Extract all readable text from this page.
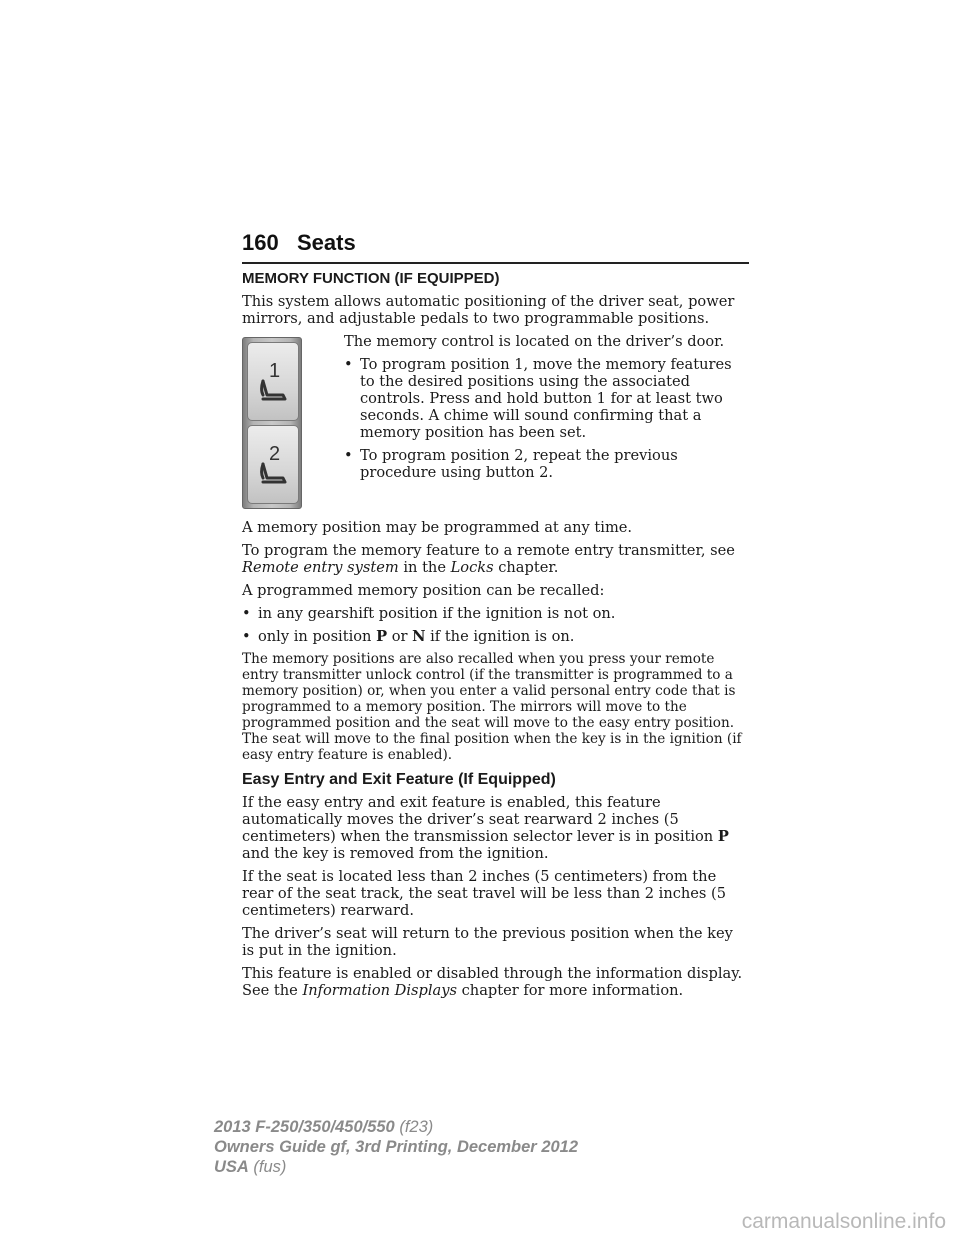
160 Seats
MEMORY FUNCTION (IF EQUIPPED)

This system allows automatic positioning of the driver seat, power mirrors, and adjustable pedals to two programmable positions.

1
2

The memory control is located on the driver’s door.

• To program position 1, move the memory features to the desired positions using the associated controls. Press and hold button 1 for at least two seconds. A chime will sound confirming that a memory position has been set.
• To program position 2, repeat the previous procedure using button 2.

A memory position may be programmed at any time.

To program the memory feature to a remote entry transmitter, see Remote entry system in the Locks chapter.

A programmed memory position can be recalled:

• in any gearshift position if the ignition is not on.
• only in position P or N if the ignition is on.

The memory positions are also recalled when you press your remote entry transmitter unlock control (if the transmitter is programmed to a memory position) or, when you enter a valid personal entry code that is programmed to a memory position. The mirrors will move to the programmed position and the seat will move to the easy entry position. The seat will move to the final position when the key is in the ignition (if easy entry feature is enabled).

Easy Entry and Exit Feature (If Equipped)

If the easy entry and exit feature is enabled, this feature automatically moves the driver’s seat rearward 2 inches (5 centimeters) when the transmission selector lever is in position P and the key is removed from the ignition.

If the seat is located less than 2 inches (5 centimeters) from the rear of the seat track, the seat travel will be less than 2 inches (5 centimeters) rearward.

The driver’s seat will return to the previous position when the key is put in the ignition.

This feature is enabled or disabled through the information display.
See the Information Displays chapter for more information.

2013 F-250/350/450/550 (f23)
Owners Guide gf, 3rd Printing, December 2012
USA (fus)
carmanualsonline.info
